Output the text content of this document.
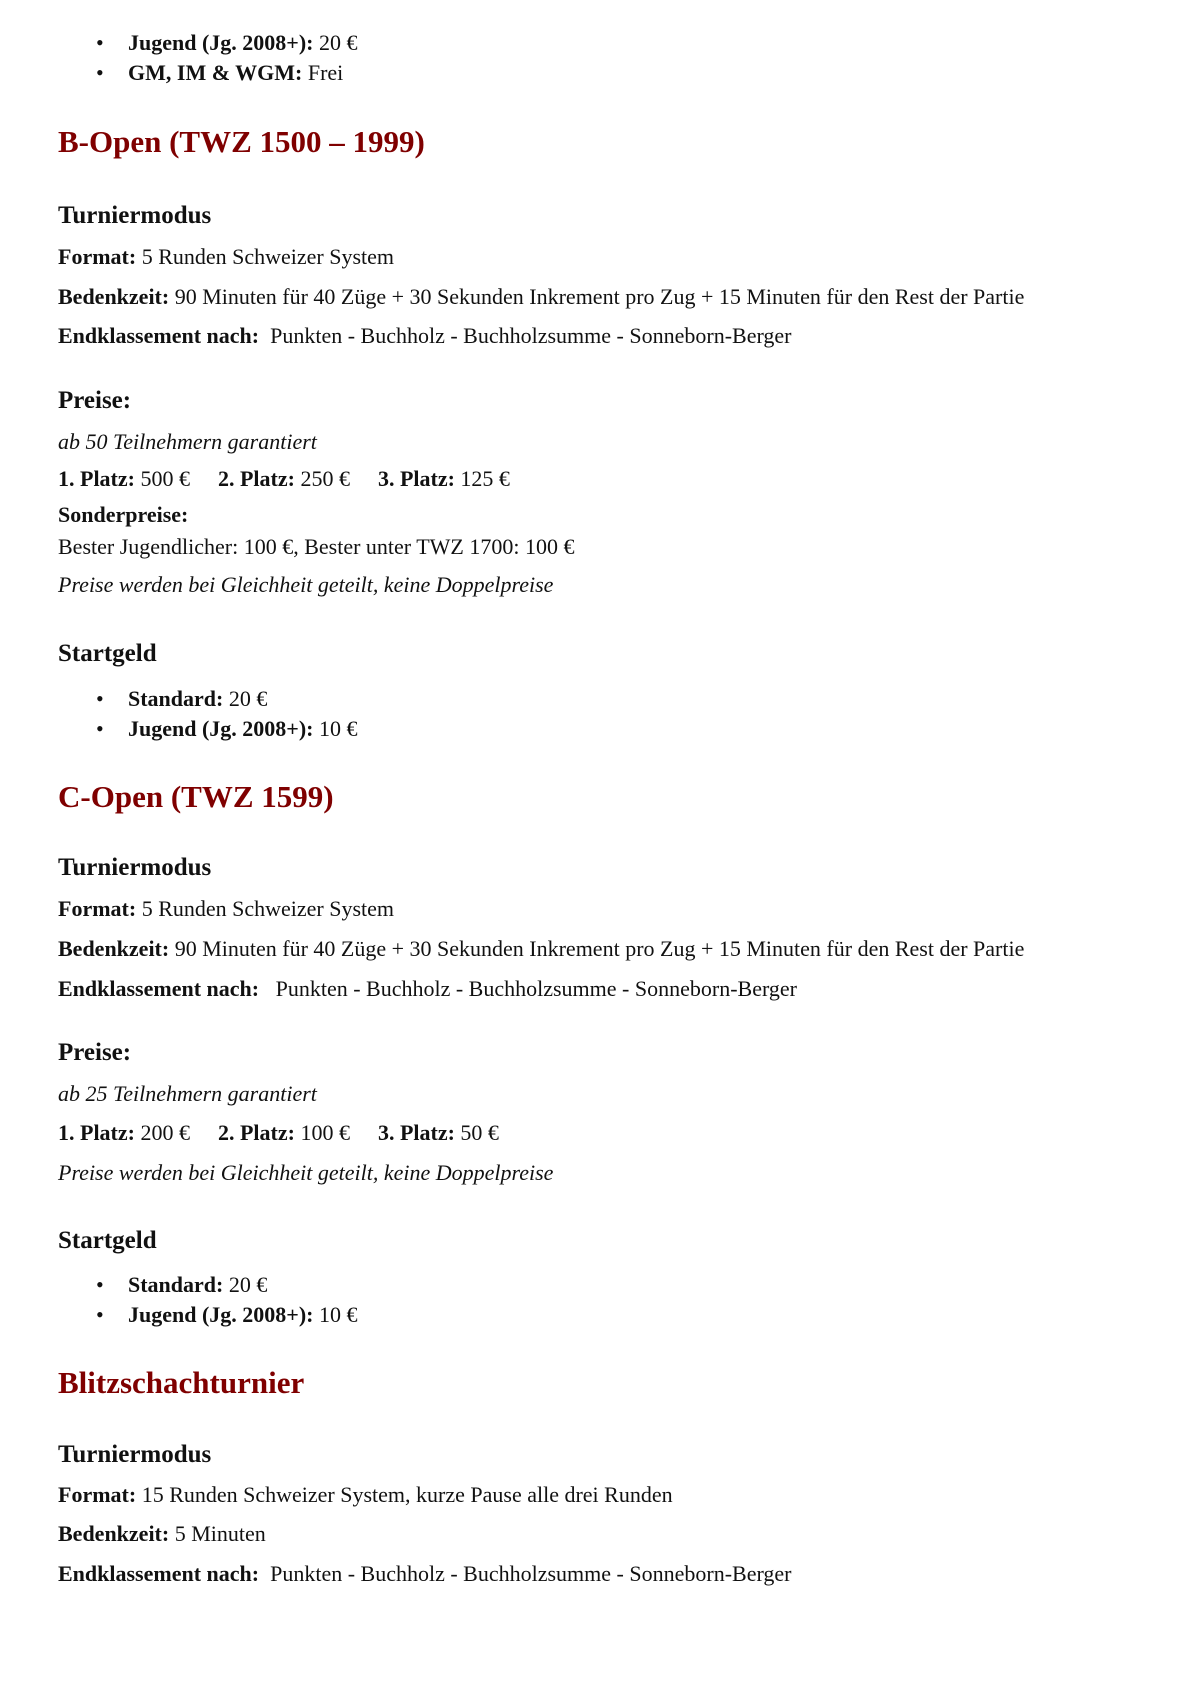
• Jugend (Jg. 2008+): 20 €
• GM, IM & WGM: Frei
B-Open (TWZ 1500 – 1999)
Turniermodus
Format: 5 Runden Schweizer System
Bedenkzeit: 90 Minuten für 40 Züge + 30 Sekunden Inkrement pro Zug + 15 Minuten für den Rest der Partie
Endklassement nach: Punkten - Buchholz - Buchholzsumme - Sonneborn-Berger
Preise:
ab 50 Teilnehmern garantiert
1. Platz: 500 € 2. Platz: 250 € 3. Platz: 125 €
Sonderpreise:
Bester Jugendlicher: 100 €, Bester unter TWZ 1700: 100 €
Preise werden bei Gleichheit geteilt, keine Doppelpreise
Startgeld
• Standard: 20 €
• Jugend (Jg. 2008+): 10 €
C-Open (TWZ 1599)
Turniermodus
Format: 5 Runden Schweizer System
Bedenkzeit: 90 Minuten für 40 Züge + 30 Sekunden Inkrement pro Zug + 15 Minuten für den Rest der Partie
Endklassement nach: Punkten - Buchholz - Buchholzsumme - Sonneborn-Berger
Preise:
ab 25 Teilnehmern garantiert
1. Platz: 200 € 2. Platz: 100 € 3. Platz: 50 €
Preise werden bei Gleichheit geteilt, keine Doppelpreise
Startgeld
• Standard: 20 €
• Jugend (Jg. 2008+): 10 €
Blitzschachturnier
Turniermodus
Format: 15 Runden Schweizer System, kurze Pause alle drei Runden
Bedenkzeit: 5 Minuten
Endklassement nach: Punkten - Buchholz - Buchholzsumme - Sonneborn-Berger
